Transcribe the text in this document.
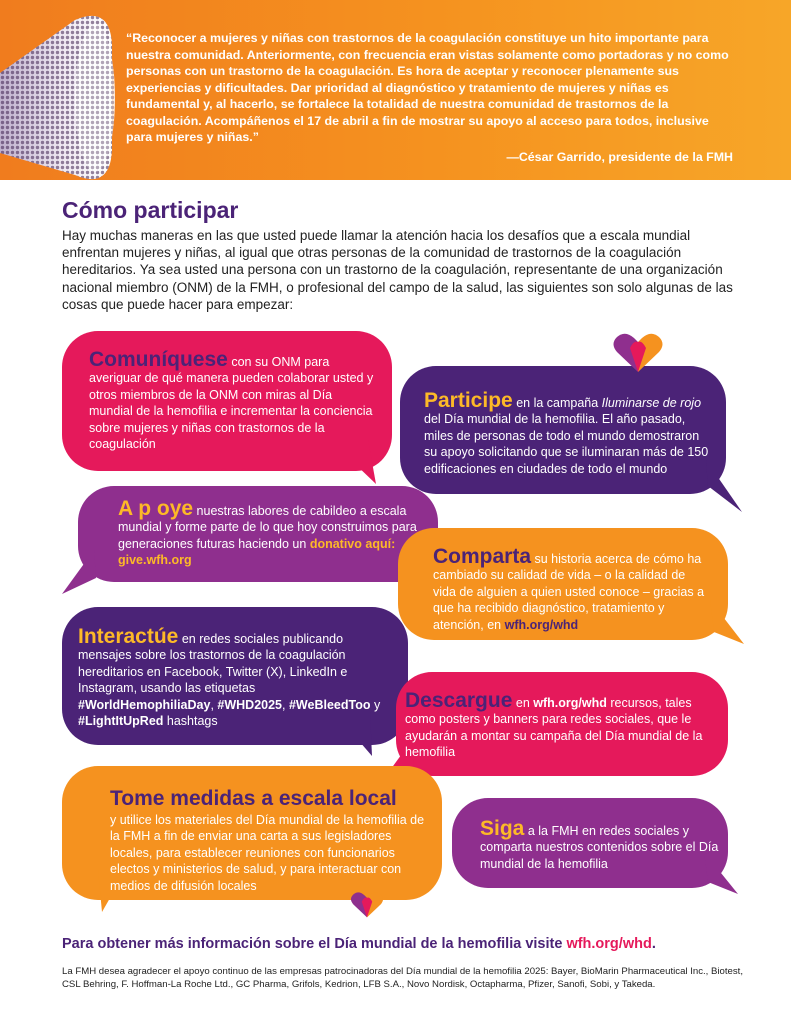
“Reconocer a mujeres y niñas con trastornos de la coagulación constituye un hito importante para nuestra comunidad. Anteriormente, con frecuencia eran vistas solamente como portadoras y no como personas con un trastorno de la coagulación. Es hora de aceptar y reconocer plenamente sus experiencias y dificultades. Dar prioridad al diagnóstico y tratamiento de mujeres y niñas es fundamental y, al hacerlo, se fortalece la totalidad de nuestra comunidad de trastornos de la coagulación. Acompáñenos el 17 de abril a fin de mostrar su apoyo al acceso para todos, inclusive para mujeres y niñas.”

—César Garrido, presidente de la FMH

Cómo participar

Hay muchas maneras en las que usted puede llamar la atención hacia los desafíos que a escala mundial enfrentan mujeres y niñas, al igual que otras personas de la comunidad de trastornos de la coagulación hereditarios. Ya sea usted una persona con un trastorno de la coagulación, representante de una organización nacional miembro (ONM) de la FMH, o profesional del campo de la salud, las siguientes son solo algunas de las cosas que puede hacer para empezar:

Comuníquese con su ONM para averiguar de qué manera pueden colaborar usted y otros miembros de la ONM con miras al Día mundial de la hemofilia e incrementar la conciencia sobre mujeres y niñas con trastornos de la coagulación

Participe en la campaña Iluminarse de rojo del Día mundial de la hemofilia. El año pasado, miles de personas de todo el mundo demostraron su apoyo solicitando que se iluminaran más de 150 edificaciones en ciudades de todo el mundo

A p oye nuestras labores de cabildeo a escala mundial y forme parte de lo que hoy construimos para generaciones futuras haciendo un donativo aquí: give.wfh.org	Comparta su historia acerca de cómo ha cambiado su calidad de vida – o la calidad de vida de alguien a quien usted conoce – gracias a que ha recibido diagnóstico, tratamiento y atención, en wfh.org/whd

Interactúe en redes sociales publicando mensajes sobre los trastornos de la coagulación hereditarios en Facebook, Twitter (X), LinkedIn e Instagram, usando las etiquetas #WorldHemophiliaDay, #WHD2025, #WeBleedToo y #LightItUpRed hashtags

Descargue en wfh.org/whd recursos, tales como posters y banners para redes sociales, que le ayudarán a montar su campaña del Día mundial de la hemofilia

Tome medidas a escala local
y utilice los materiales del Día mundial de la hemofilia de la FMH a fin de enviar una carta a sus legisladores locales, para establecer reuniones con funcionarios electos y ministerios de salud, y para interactuar con medios de difusión locales

Siga a la FMH en redes sociales y comparta nuestros contenidos sobre el Día mundial de la hemofilia

Para obtener más información sobre el Día mundial de la hemofilia visite wfh.org/whd.

La FMH desea agradecer el apoyo continuo de las empresas patrocinadoras del Día mundial de la hemofilia 2025: Bayer, BioMarin Pharmaceutical Inc., Biotest, CSL Behring, F. Hoffman-La Roche Ltd., GC Pharma, Grifols, Kedrion, LFB S.A., Novo Nordisk, Octapharma, Pfizer, Sanofi, Sobi, y Takeda.
